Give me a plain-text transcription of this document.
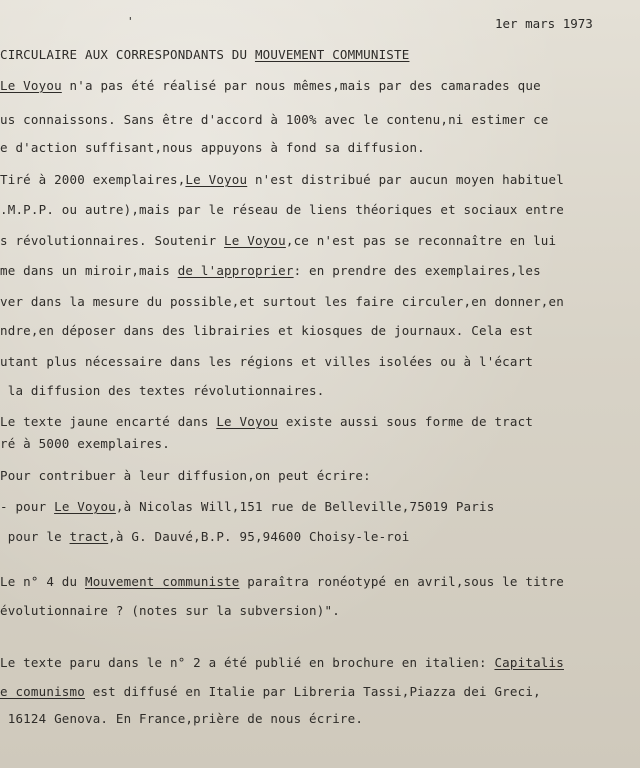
'	1er mars 1973
CIRCULAIRE AUX CORRESPONDANTS DU MOUVEMENT COMMUNISTE
Le Voyou n'a pas été réalisé par nous mêmes,mais par des camarades que
us connaissons. Sans être d'accord à 100% avec le contenu,ni estimer ce
e d'action suffisant,nous appuyons à fond sa diffusion.
Tiré à 2000 exemplaires,Le Voyou n'est distribué par aucun moyen habituel
.M.P.P. ou autre),mais par le réseau de liens théoriques et sociaux entre
s révolutionnaires. Soutenir Le Voyou,ce n'est pas se reconnaître en lui
me dans un miroir,mais de l'approprier: en prendre des exemplaires,les
ver dans la mesure du possible,et surtout les faire circuler,en donner,en
ndre,en déposer dans des librairies et kiosques de journaux. Cela est
utant plus nécessaire dans les régions et villes isolées ou à l'écart
la diffusion des textes révolutionnaires.
Le texte jaune encarté dans Le Voyou existe aussi sous forme de tract
ré à 5000 exemplaires.
Pour contribuer à leur diffusion,on peut écrire:
- pour Le Voyou,à Nicolas Will,151 rue de Belleville,75019 Paris
pour le tract,à G. Dauvé,B.P. 95,94600 Choisy-le-roi
Le n° 4 du Mouvement communiste paraîtra ronéotypé en avril,sous le titre
évolutionnaire ? (notes sur la subversion)".
Le texte paru dans le n° 2 a été publié en brochure en italien: Capitalis
e comunismo est diffusé en Italie par Libreria Tassi,Piazza dei Greci,
16124 Genova. En France,prière de nous écrire.
